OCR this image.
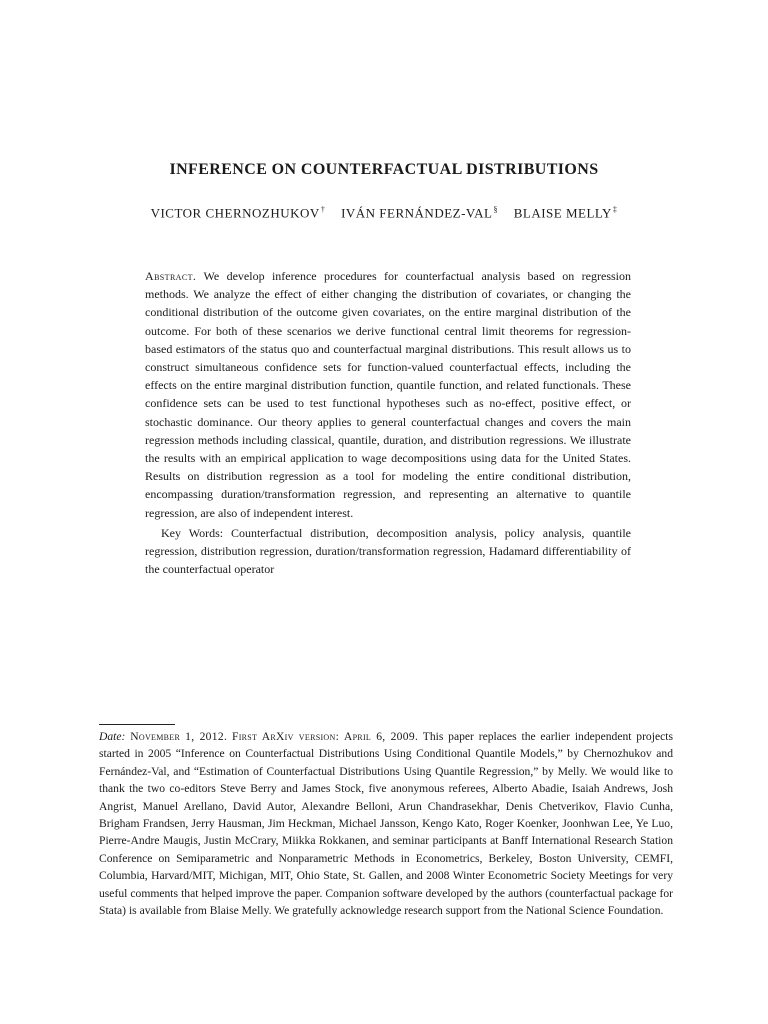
INFERENCE ON COUNTERFACTUAL DISTRIBUTIONS
VICTOR CHERNOZHUKOV† IVÁN FERNÁNDEZ-VAL§ BLAISE MELLY‡
Abstract. We develop inference procedures for counterfactual analysis based on regression methods. We analyze the effect of either changing the distribution of covariates, or changing the conditional distribution of the outcome given covariates, on the entire marginal distribution of the outcome. For both of these scenarios we derive functional central limit theorems for regression-based estimators of the status quo and counterfactual marginal distributions. This result allows us to construct simultaneous confidence sets for function-valued counterfactual effects, including the effects on the entire marginal distribution function, quantile function, and related functionals. These confidence sets can be used to test functional hypotheses such as no-effect, positive effect, or stochastic dominance. Our theory applies to general counterfactual changes and covers the main regression methods including classical, quantile, duration, and distribution regressions. We illustrate the results with an empirical application to wage decompositions using data for the United States. Results on distribution regression as a tool for modeling the entire conditional distribution, encompassing duration/transformation regression, and representing an alternative to quantile regression, are also of independent interest.
Key Words: Counterfactual distribution, decomposition analysis, policy analysis, quantile regression, distribution regression, duration/transformation regression, Hadamard differentiability of the counterfactual operator
Date: November 1, 2012. First ArXiv version: April 6, 2009. This paper replaces the earlier independent projects started in 2005 “Inference on Counterfactual Distributions Using Conditional Quantile Models,” by Chernozhukov and Fernández-Val, and “Estimation of Counterfactual Distributions Using Quantile Regression,” by Melly. We would like to thank the two co-editors Steve Berry and James Stock, five anonymous referees, Alberto Abadie, Isaiah Andrews, Josh Angrist, Manuel Arellano, David Autor, Alexandre Belloni, Arun Chandrasekhar, Denis Chetverikov, Flavio Cunha, Brigham Frandsen, Jerry Hausman, Jim Heckman, Michael Jansson, Kengo Kato, Roger Koenker, Joonhwan Lee, Ye Luo, Pierre-Andre Maugis, Justin McCrary, Miikka Rokkanen, and seminar participants at Banff International Research Station Conference on Semiparametric and Nonparametric Methods in Econometrics, Berkeley, Boston University, CEMFI, Columbia, Harvard/MIT, Michigan, MIT, Ohio State, St. Gallen, and 2008 Winter Econometric Society Meetings for very useful comments that helped improve the paper. Companion software developed by the authors (counterfactual package for Stata) is available from Blaise Melly. We gratefully acknowledge research support from the National Science Foundation.
